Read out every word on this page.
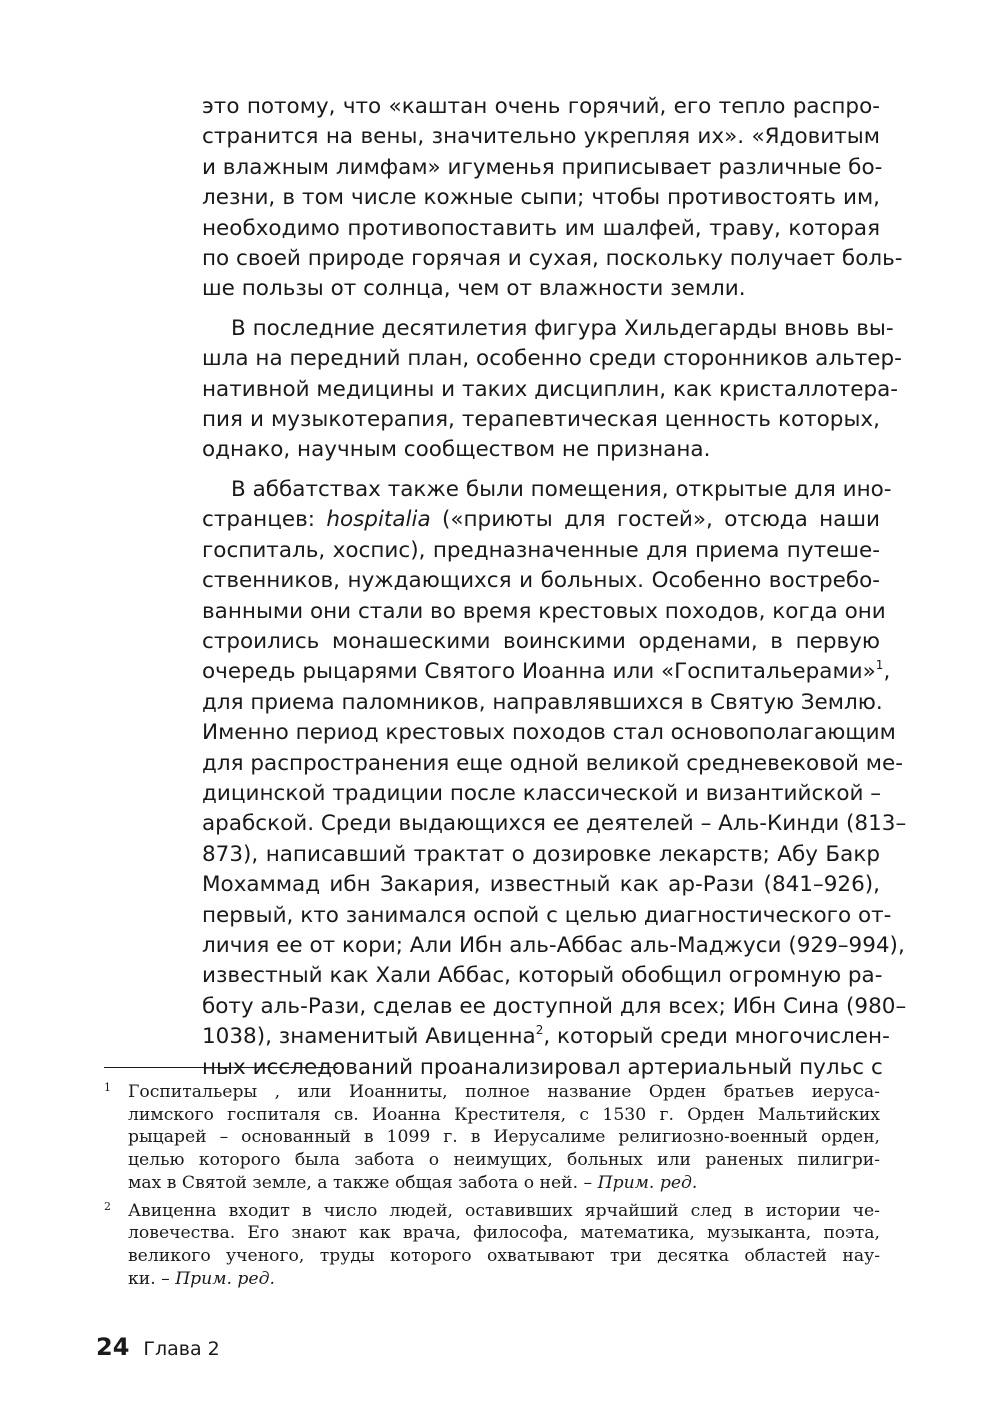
это потому, что «каштан очень горячий, его тепло распро-
странится на вены, значительно укрепляя их». «Ядовитым
и влажным лимфам» игуменья приписывает различные бо-
лезни, в том числе кожные сыпи; чтобы противостоять им,
необходимо противопоставить им шалфей, траву, которая
по своей природе горячая и сухая, поскольку получает боль-
ше пользы от солнца, чем от влажности земли.

В последние десятилетия фигура Хильдегарды вновь вы-
шла на передний план, особенно среди сторонников альтер-
нативной медицины и таких дисциплин, как кристаллотера-
пия и музыкотерапия, терапевтическая ценность которых,
однако, научным сообществом не признана.

В аббатствах также были помещения, открытые для ино-
странцев: hospitalia («приюты для гостей», отсюда наши
госпиталь, хоспис), предназначенные для приема путеше-
ственников, нуждающихся и больных. Особенно востребо-
ванными они стали во время крестовых походов, когда они
строились монашескими воинскими орденами, в первую
очередь рыцарями Святого Иоанна или «Госпитальерами»$^1$,
для приема паломников, направлявшихся в Святую Землю.
Именно период крестовых походов стал основополагающим
для распространения еще одной великой средневековой ме-
дицинской традиции после классической и византийской –
арабской. Среди выдающихся ее деятелей – Аль-Кинди (813–
873), написавший трактат о дозировке лекарств; Абу Бакр
Мохаммад ибн Закария, известный как ар-Рази (841–926),
первый, кто занимался оспой с целью диагностического от-
личия ее от кори; Али Ибн аль-Аббас аль-Маджуси (929–994),
известный как Хали Аббас, который обобщил огромную ра-
боту аль-Рази, сделав ее доступной для всех; Ибн Сина (980–
1038), знаменитый Авиценна$^2$, который среди многочислен-
ных исследований проанализировал артериальный пульс с

1 Госпитальеры , или Иоанниты, полное название Орден братьев иеруса-
лимского госпиталя св. Иоанна Крестителя, с 1530 г. Орден Мальтийских
рыцарей – основанный в 1099 г. в Иерусалиме религиозно-военный орден,
целью которого была забота о неимущих, больных или раненых пилигри-
мах в Святой земле, а также общая забота о ней. – Прим. ред.
2 Авиценна входит в число людей, оставивших ярчайший след в истории че-
ловечества. Его знают как врача, философа, математика, музыканта, поэта,
великого ученого, труды которого охватывают три десятка областей нау-
ки. – Прим. ред.
24 Глава 2
